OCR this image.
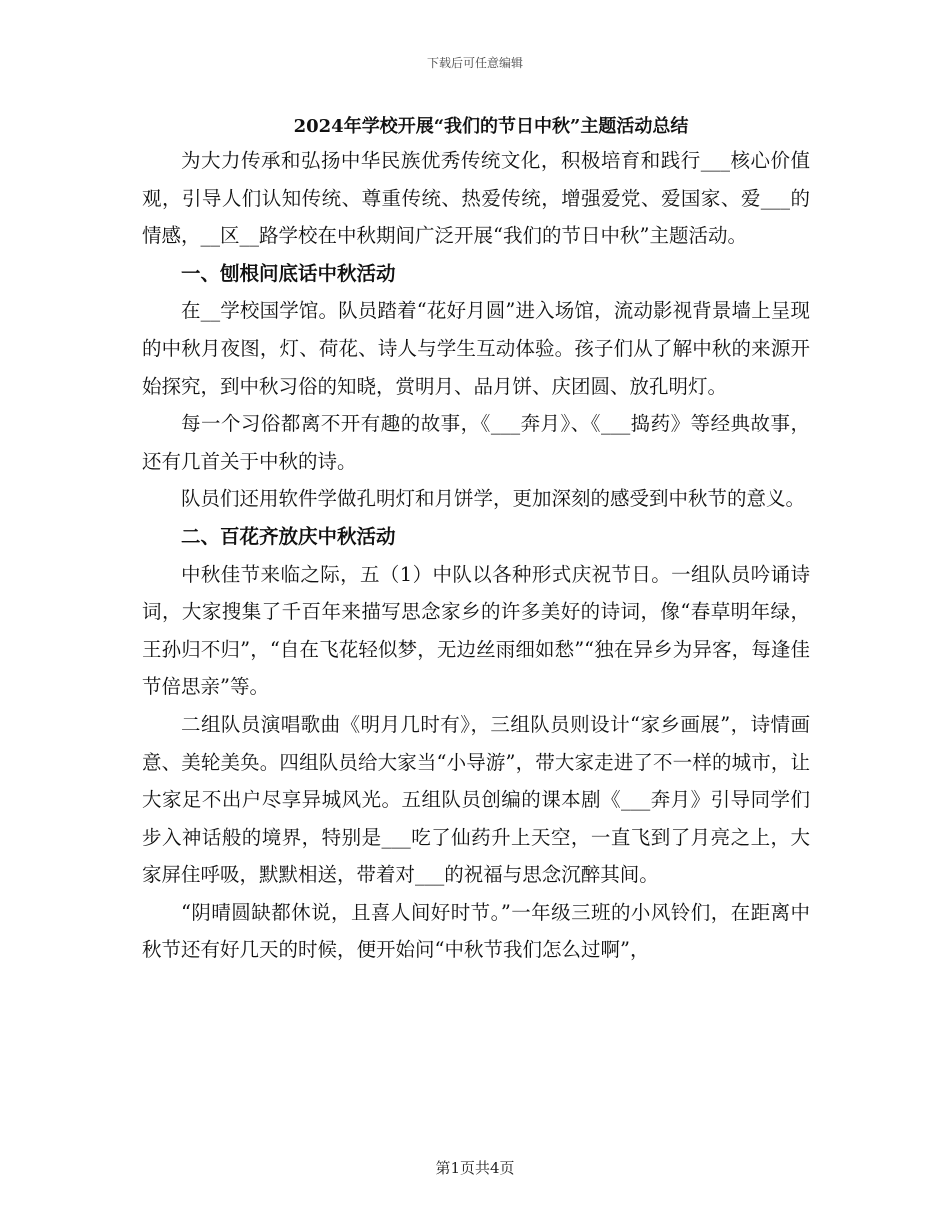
下载后可任意编辑
2024年学校开展“我们的节日中秋”主题活动总结

为大力传承和弘扬中华民族优秀传统文化，积极培育和践行___核心价值观，引导人们认知传统、尊重传统、热爱传统，增强爱党、爱国家、爱___的情感，__区__路学校在中秋期间广泛开展“我们的节日中秋”主题活动。

一、刨根问底话中秋活动

在__学校国学馆。队员踏着“花好月圆”进入场馆，流动影视背景墙上呈现的中秋月夜图，灯、荷花、诗人与学生互动体验。孩子们从了解中秋的来源开始探究，到中秋习俗的知晓，赏明月、品月饼、庆团圆、放孔明灯。

每一个习俗都离不开有趣的故事，《___奔月》、《___捣药》等经典故事，还有几首关于中秋的诗。

队员们还用软件学做孔明灯和月饼学，更加深刻的感受到中秋节的意义。

二、百花齐放庆中秋活动

中秋佳节来临之际，五（1）中队以各种形式庆祝节日。一组队员吟诵诗词，大家搜集了千百年来描写思念家乡的许多美好的诗词，像“春草明年绿，王孙归不归”，“自在飞花轻似梦，无边丝雨细如愁”“独在异乡为异客，每逢佳节倍思亲”等。

二组队员演唱歌曲《明月几时有》，三组队员则设计“家乡画展”，诗情画意、美轮美奂。四组队员给大家当“小导游”，带大家走进了不一样的城市，让大家足不出户尽享异城风光。五组队员创编的课本剧《___奔月》引导同学们步入神话般的境界，特别是___吃了仙药升上天空，一直飞到了月亮之上，大家屏住呼吸，默默相送，带着对___的祝福与思念沉醉其间。

“阴晴圆缺都休说，且喜人间好时节。”一年级三班的小风铃们，在距离中秋节还有好几天的时候，便开始问“中秋节我们怎么过啊”，

第1页共4页
